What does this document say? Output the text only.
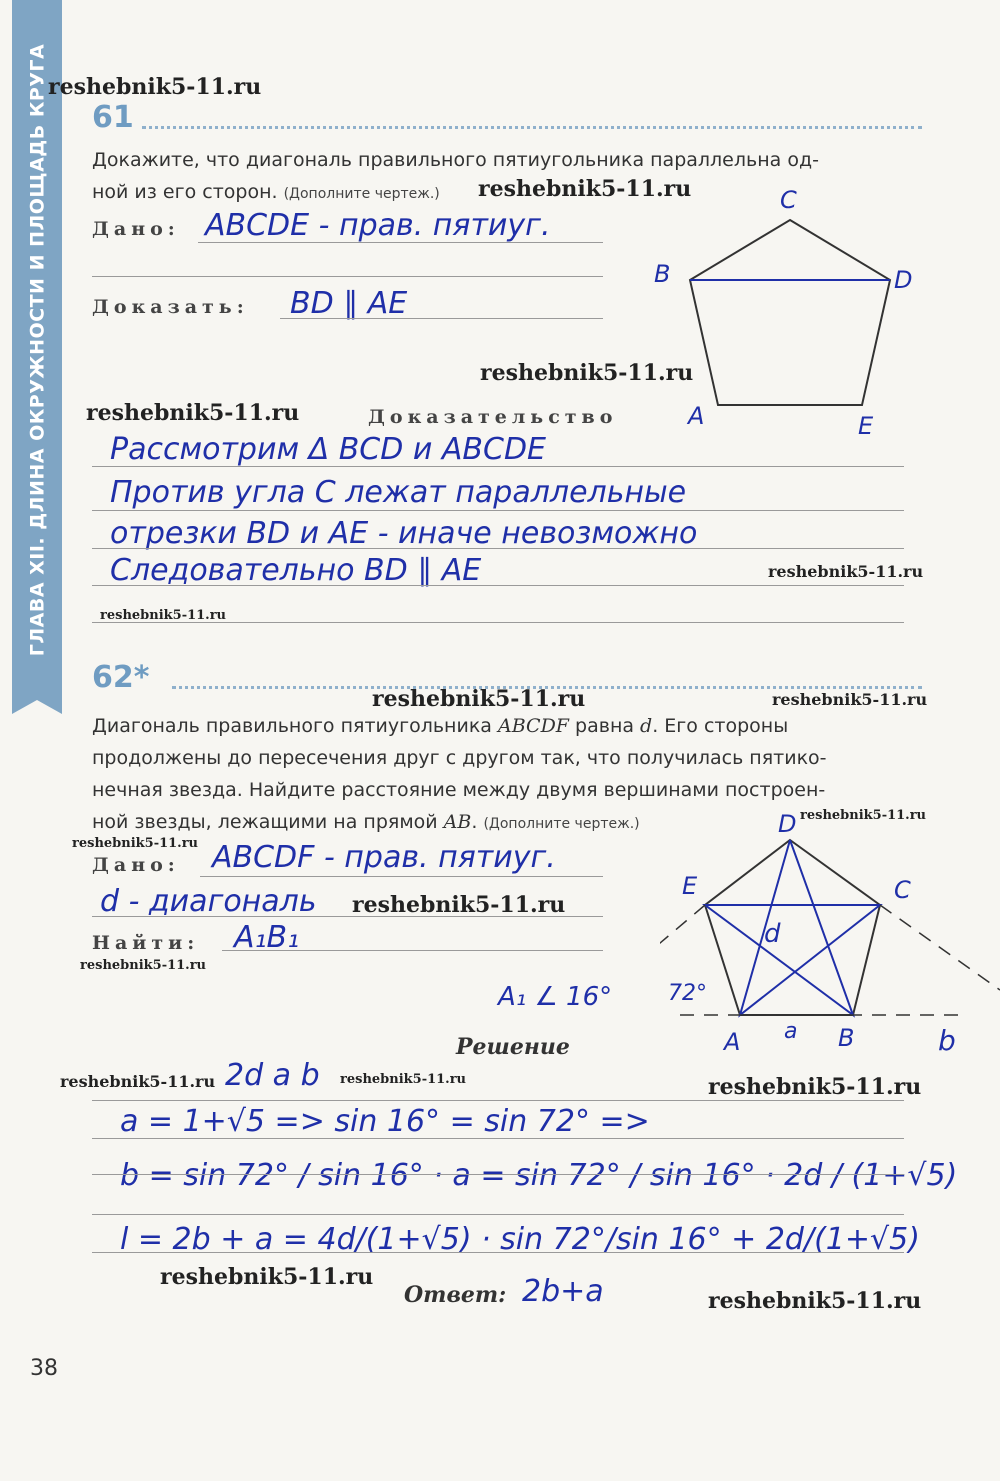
ГЛАВА XII. ДЛИНА ОКРУЖНОСТИ И ПЛОЩАДЬ КРУГА reshebnik5-11.ru
61
Докажите, что диагональ правильного пятиугольника параллельна од-
ной из его сторон. (Дополните чертеж.)	reshebnik5-11.ru
Дано: ABCDE - прав. пятиуг.
Доказать: BD ∥ AE
C
B	D
A	E
reshebnik5-11.ru
reshebnik5-11.ru	Доказательство
Рассмотрим Δ BCD и ABCDE
Против угла C лежат параллельные
отрезки BD и AE - иначе невозможно
Следовательно BD ∥ AE	reshebnik5-11.ru
reshebnik5-11.ru
62*
reshebnik5-11.ru	reshebnik5-11.ru
Диагональ правильного пятиугольника ABCDF равна d. Его стороны
продолжены до пересечения друг с другом так, что получилась пятико-
нечная звезда. Найдите расстояние между двумя вершинами построен-
ной звезды, лежащими на прямой AB. (Дополните чертеж.)
reshebnik5-11.ru
reshebnik5-11.ru
Дано: ABCDF - прав. пятиуг.
d - диагональ reshebnik5-11.ru
Найти: A₁B₁
reshebnik5-11.ru
A₁ ∠ 16°
D
E	C
d
72°
A a B	b
Решение
reshebnik5-11.ru	reshebnik5-11.ru	reshebnik5-11.ru
2d a b
a = 1+√5 => sin 16° = sin 72° =>
b = sin 72° / sin 16° · a = sin 72° / sin 16° · 2d / (1+√5)
l = 2b + a = 4d/(1+√5) · sin 72°/sin 16° + 2d/(1+√5)
reshebnik5-11.ru
Ответ: 2b+a	reshebnik5-11.ru
38
